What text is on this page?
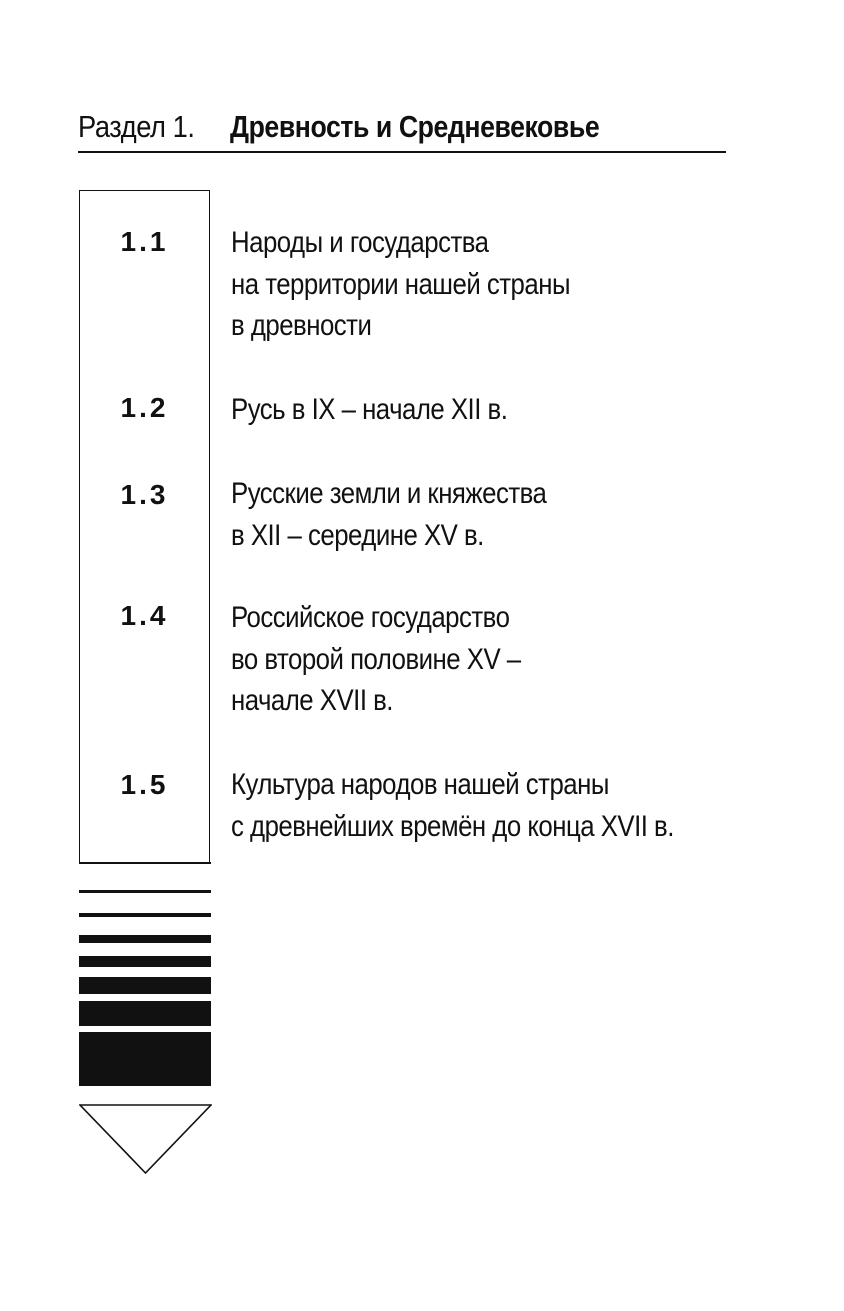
Раздел 1. Древность и Средневековье
1.1	Народы и государства
на территории нашей страны
в древности
1.2	Русь в IX – начале XII в.
1.3	Русские земли и княжества
в XII – середине XV в.
1.4	Российское государство
во второй половине XV –
начале XVII в.
1.5	Культура народов нашей страны
с древнейших времён до конца XVII в.
